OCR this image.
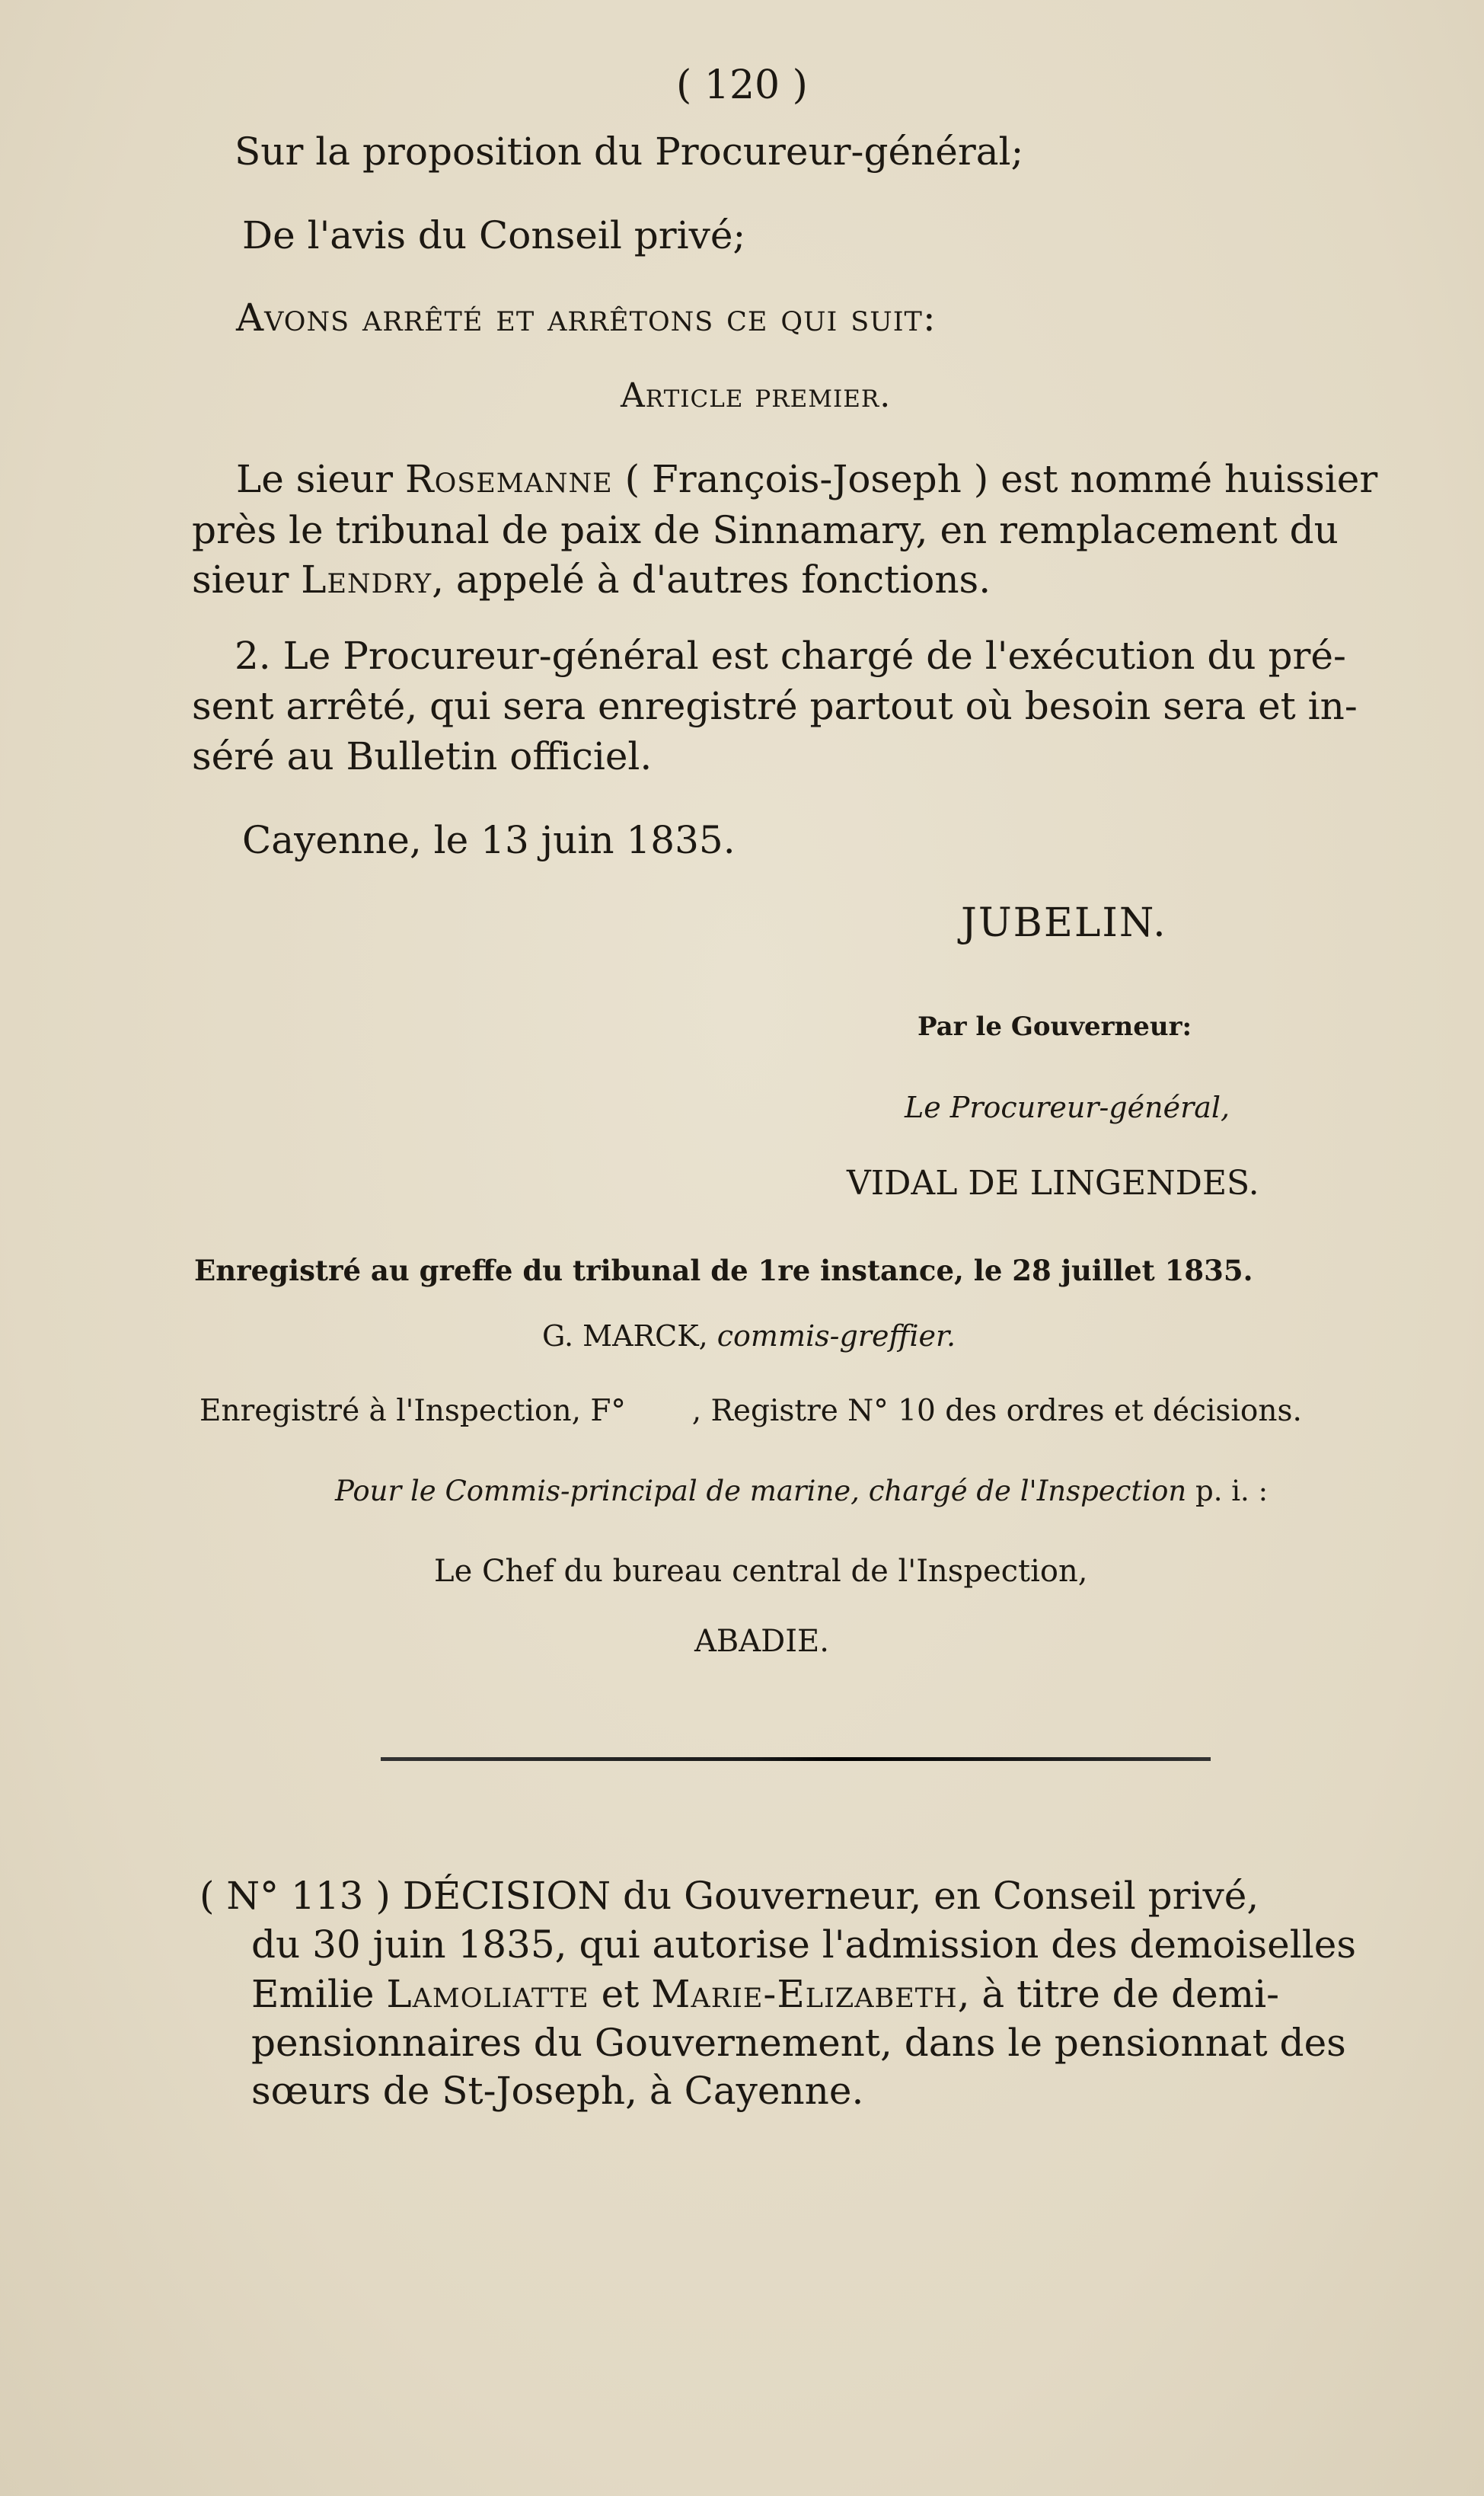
( 120 )
Sur la proposition du Procureur-général;
De l'avis du Conseil privé;
Avons arrêté et arrêtons ce qui suit:
Article premier.
Le sieur Rosemanne ( François-Joseph ) est nommé huissier
près le tribunal de paix de Sinnamary, en remplacement du
sieur Lendry, appelé à d'autres fonctions.
2. Le Procureur-général est chargé de l'exécution du pré-
sent arrêté, qui sera enregistré partout où besoin sera et in-
séré au Bulletin officiel.
Cayenne, le 13 juin 1835.
JUBELIN.
Par le Gouverneur:
Le Procureur-général,
VIDAL DE LINGENDES.
Enregistré au greffe du tribunal de 1re instance, le 28 juillet 1835.
G. MARCK, commis-greffier.
Enregistré à l'Inspection, F°       , Registre N° 10 des ordres et décisions.
Pour le Commis-principal de marine, chargé de l'Inspection p. i. :
Le Chef du bureau central de l'Inspection,
ABADIE.
( N° 113 ) DÉCISION du Gouverneur, en Conseil privé,
du 30 juin 1835, qui autorise l'admission des demoiselles
Emilie Lamoliatte et Marie-Elizabeth, à titre de demi-
pensionnaires du Gouvernement, dans le pensionnat des
sœurs de St-Joseph, à Cayenne.
